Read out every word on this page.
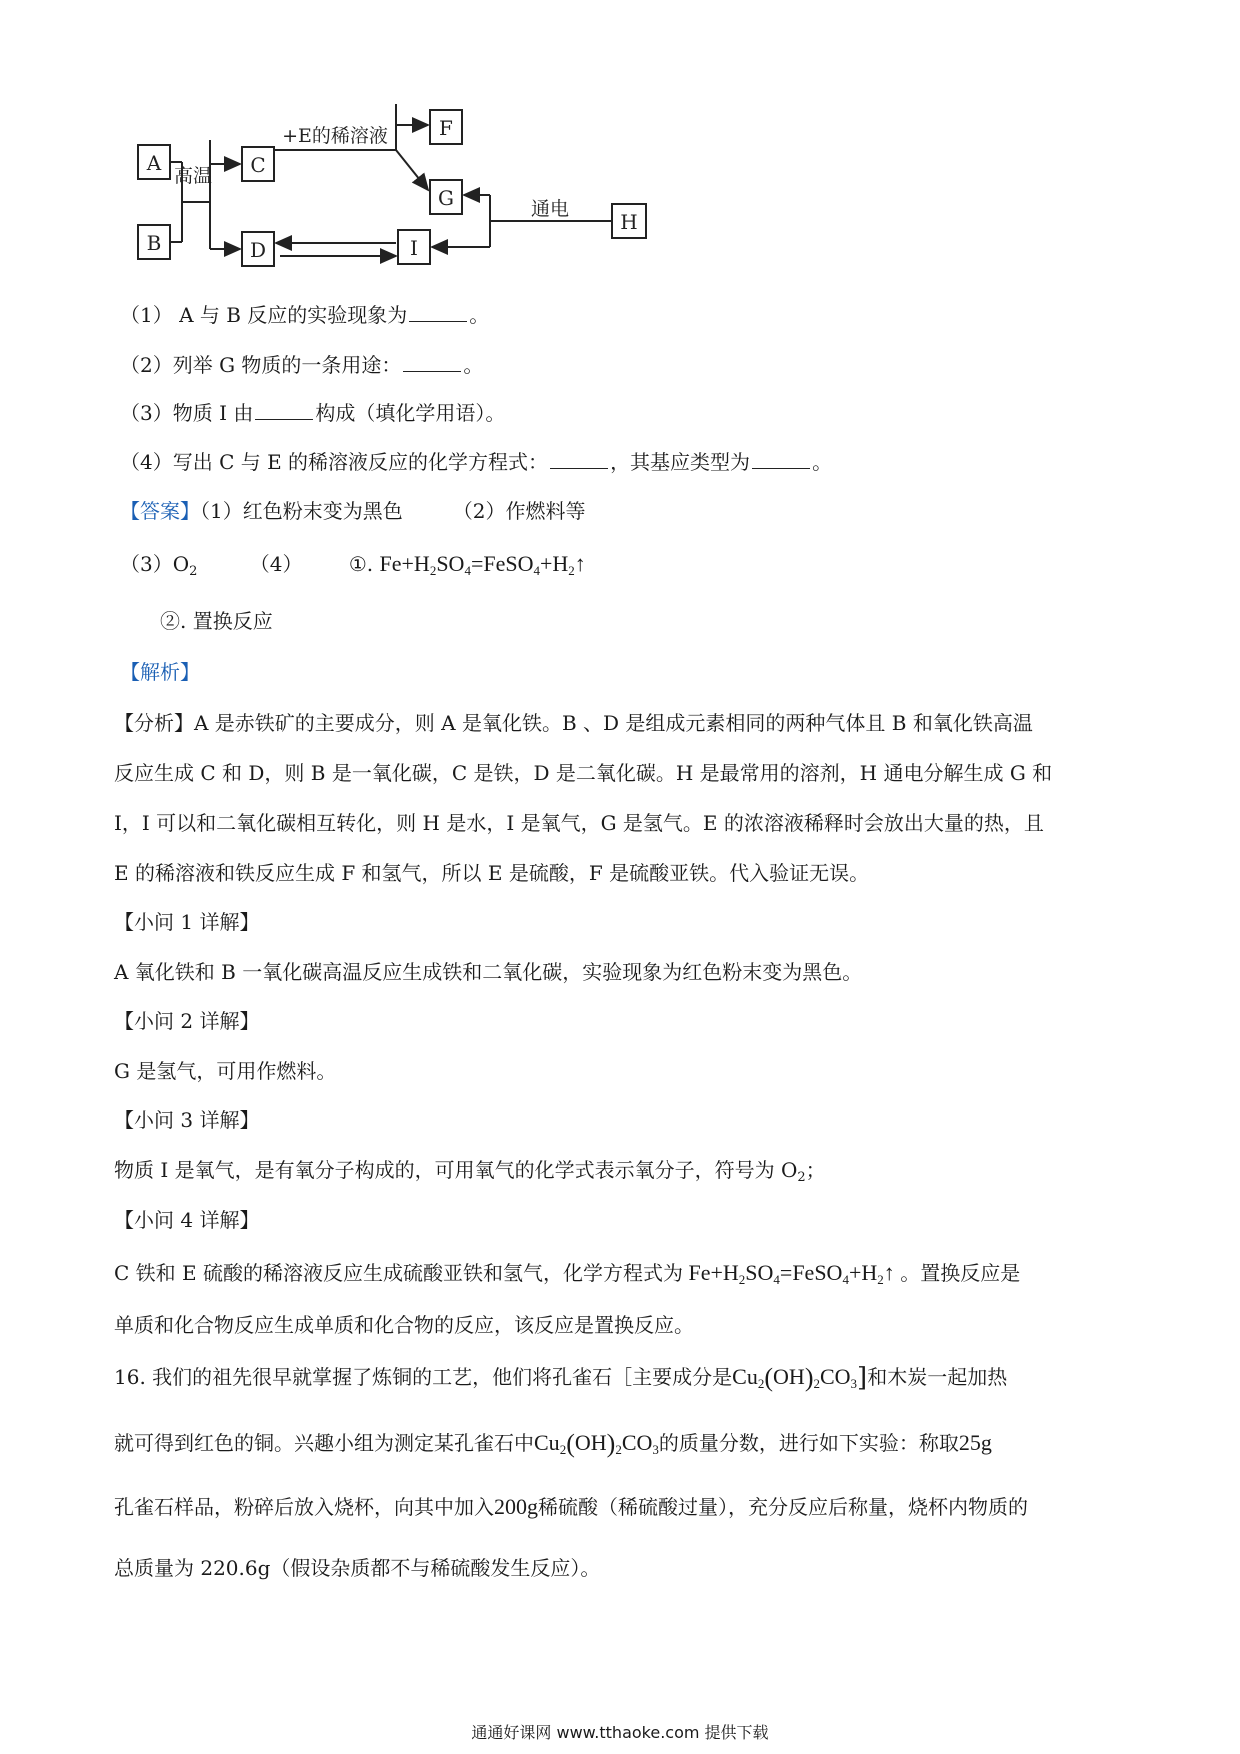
A
B
C
D
F
G
I
H
高温
+E的稀溶液
通电
（1） A 与 B 反应的实验现象为	。
（2）列举 G 物质的一条用途：	。
（3）物质 I 由	构成（填化学用语）。
（4）写出 C 与 E 的稀溶液反应的化学方程式：	，其基应类型为	。
【答案】（1）红色粉末变为黑色	（2）作燃料等
$(3)O_2$	（4） ①. $Fe+H_2SO_4=FeSO_4+H_2↑$
②. 置换反应
【解析】
【分析】A 是赤铁矿的主要成分，则 A 是氧化铁。B 、D 是组成元素相同的两种气体且 B 和氧化铁高温
反应生成 C 和 D，则 B 是一氧化碳，C 是铁，D 是二氧化碳。H 是最常用的溶剂，H 通电分解生成 G 和
I，I 可以和二氧化碳相互转化，则 H 是水，I 是氧气，G 是氢气。E 的浓溶液稀释时会放出大量的热，且
E 的稀溶液和铁反应生成 F 和氢气，所以 E 是硫酸，F 是硫酸亚铁。代入验证无误。
【小问 1 详解】
A 氧化铁和 B 一氧化碳高温反应生成铁和二氧化碳，实验现象为红色粉末变为黑色。
【小问 2 详解】
G 是氢气，可用作燃料。
【小问 3 详解】
物质 I 是氧气，是有氧分子构成的，可用氧气的化学式表示氧分子，符号为 $O_2$；
【小问 4 详解】
C 铁和 E 硫酸的稀溶液反应生成硫酸亚铁和氢气，化学方程式为 $Fe+H_2SO_4=FeSO_4+H_2↑$ 。置换反应是
单质和化合物反应生成单质和化合物的反应，该反应是置换反应。
16. 我们的祖先很早就掌握了炼铜的工艺，他们将孔雀石［主要成分是$Cu_2(OH)_2CO_3$]和木炭一起加热
就可得到红色的铜。兴趣小组为测定某孔雀石中$Cu_2(OH)_2CO_3$的质量分数，进行如下实验：称取25g
孔雀石样品，粉碎后放入烧杯，向其中加入200g稀硫酸（稀硫酸过量），充分反应后称量，烧杯内物质的
总质量为 220.6g（假设杂质都不与稀硫酸发生反应）。
通通好课网 www.tthaoke.com 提供下载
